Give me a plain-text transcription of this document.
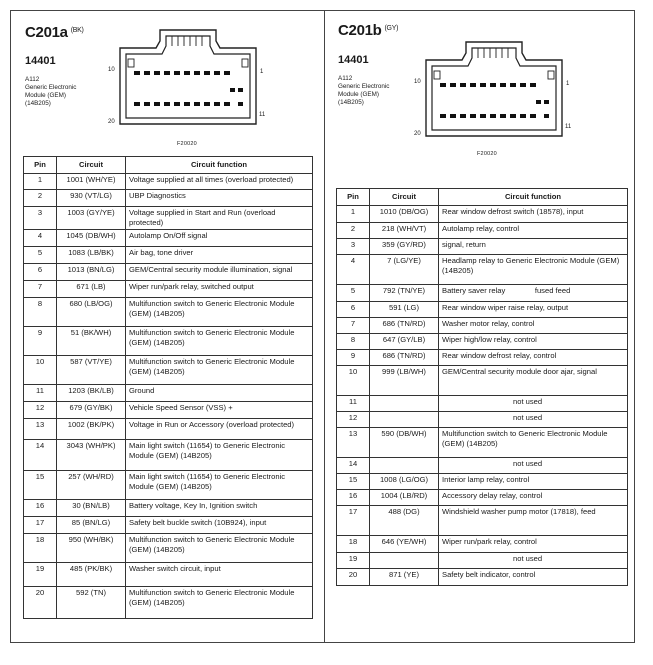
C201a $^{(BK)}$
14401
A112
Generic Electronic
Module (GEM)
(14B205)
10	1
20
11
F20020
Pin	Circuit	Circuit function
1	1001 (WH/YE)	Voltage supplied at all times (overload protected)
2	930 (VT/LG)	UBP Diagnostics
3	1003 (GY/YE)	Voltage supplied in Start and Run (overload protected)
4	1045 (DB/WH)	Autolamp On/Off signal
5	1083 (LB/BK)	Air bag, tone driver
6	1013 (BN/LG)	GEM/Central security module illumination, signal
7	671 (LB)	Wiper run/park relay, switched output
8	680 (LB/OG)	Multifunction switch to Generic Electronic Module (GEM) (14B205)
9	51 (BK/WH)	Multifunction switch to Generic Electronic Module (GEM) (14B205)
10	587 (VT/YE)	Multifunction switch to Generic Electronic Module (GEM) (14B205)
11	1203 (BK/LB)	Ground
12	679 (GY/BK)	Vehicle Speed Sensor (VSS) +
13	1002 (BK/PK)	Voltage in Run or Accessory (overload protected)
14	3043 (WH/PK)	Main light switch (11654) to Generic Electronic Module (GEM) (14B205)
15	257 (WH/RD)	Main light switch (11654) to Generic Electronic Module (GEM) (14B205)
16	30 (BN/LB)	Battery voltage, Key In, Ignition switch
17	85 (BN/LG)	Safety belt buckle switch (10B924), input
18	950 (WH/BK)	Multifunction switch to Generic Electronic Module (GEM) (14B205)
19	485 (PK/BK)	Washer switch circuit, input
20	592 (TN)	Multifunction switch to Generic Electronic Module (GEM) (14B205)
C201b $^{(GY)}$
14401
A112
Generic Electronic
Module (GEM)
(14B205)
10	1
20
11
F20020
Pin	Circuit	Circuit function
1	1010 (DB/OG)	Rear window defrost switch (18578), input
2	218 (WH/VT)	Autolamp relay, control
3	359 (GY/RD)	signal, return
4	7 (LG/YE)	Headlamp relay to Generic Electronic Module (GEM) (14B205)
5	792 (TN/YE)	Battery saver relay              fused feed
6	591 (LG)	Rear window wiper raise relay, output
7	686 (TN/RD)	Washer motor relay, control
8	647 (GY/LB)	Wiper high/low relay, control
9	686 (TN/RD)	Rear window defrost relay, control
10	999 (LB/WH)	GEM/Central security module door ajar, signal
11		not used
12		not used
13	590 (DB/WH)	Multifunction switch to Generic Electronic Module (GEM) (14B205)
14		not used
15	1008 (LG/OG)	Interior lamp relay, control
16	1004 (LB/RD)	Accessory delay relay, control
17	488 (DG)	Windshield washer pump motor (17818), feed
18	646 (YE/WH)	Wiper run/park relay, control
19		not used
20	871 (YE)	Safety belt indicator, control
